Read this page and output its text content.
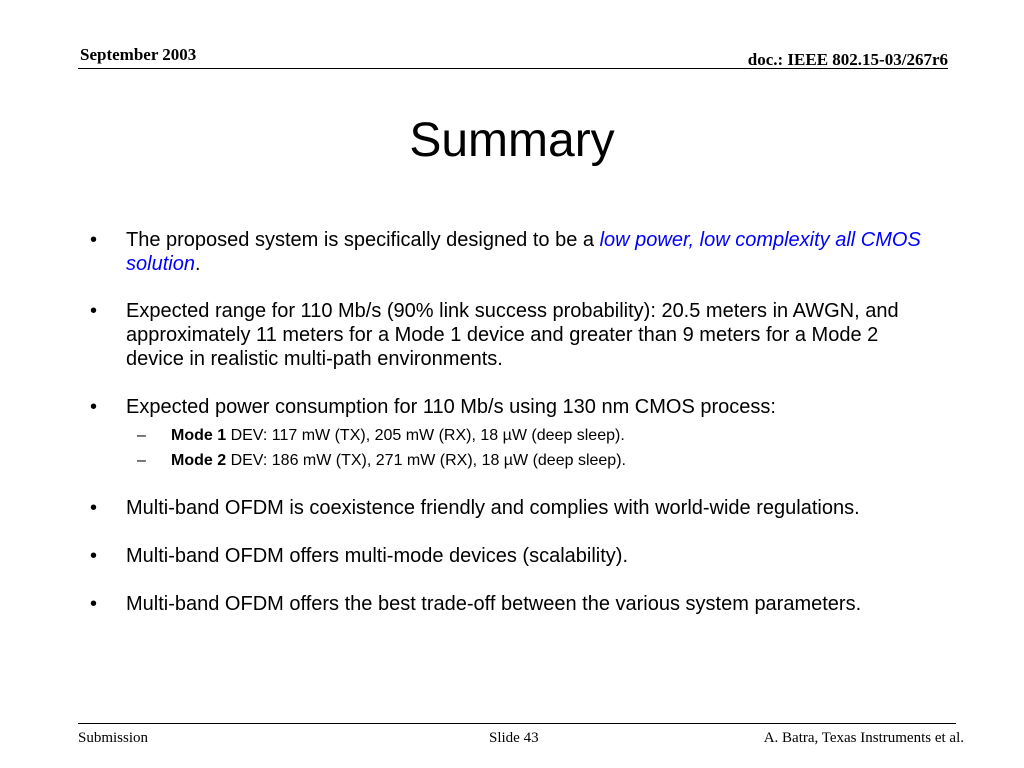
September 2003	doc.: IEEE 802.15-03/267r6
Summary
• The proposed system is specifically designed to be a low power, low complexity all CMOS solution.
• Expected range for 110 Mb/s (90% link success probability): 20.5 meters in AWGN, and approximately 11 meters for a Mode 1 device and greater than 9 meters for a Mode 2 device in realistic multi-path environments.
• Expected power consumption for 110 Mb/s using 130 nm CMOS process:
– Mode 1 DEV: 117 mW (TX), 205 mW (RX), 18 µW (deep sleep).
– Mode 2 DEV: 186 mW (TX), 271 mW (RX), 18 µW (deep sleep).
• Multi-band OFDM is coexistence friendly and complies with world-wide regulations.
• Multi-band OFDM offers multi-mode devices (scalability).
• Multi-band OFDM offers the best trade-off between the various system parameters.
Submission	Slide 43	A. Batra, Texas Instruments et al.
